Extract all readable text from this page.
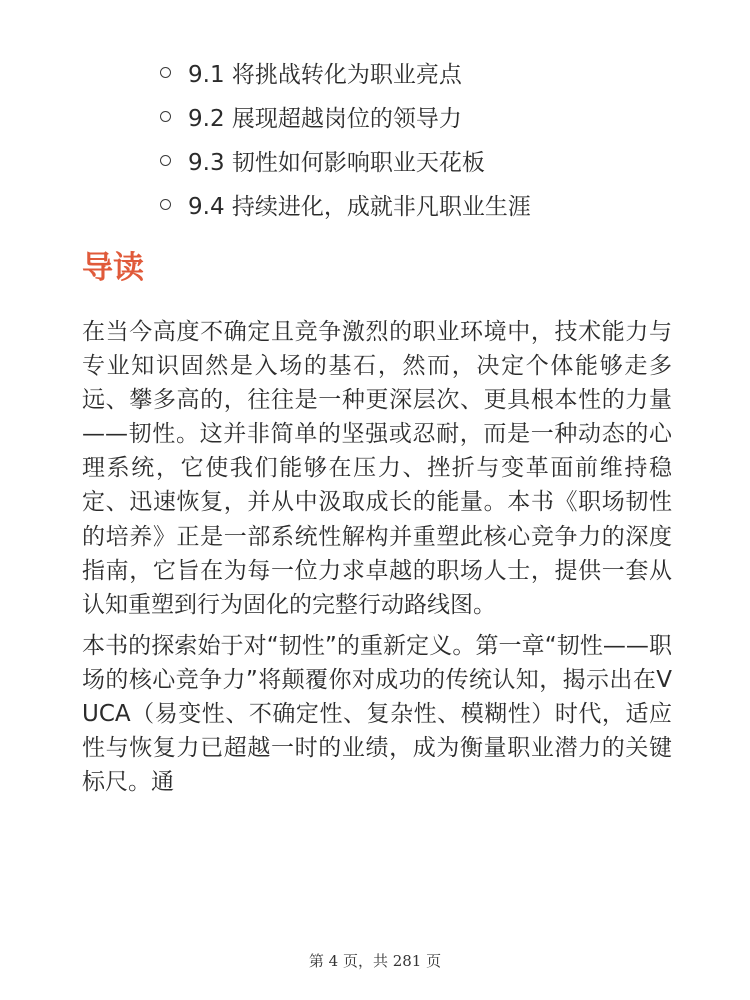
9.1 将挑战转化为职业亮点
9.2 展现超越岗位的领导力
9.3 韧性如何影响职业天花板
9.4 持续进化，成就非凡职业生涯
导读

在当今高度不确定且竞争激烈的职业环境中，技术能力与专业知识固然是入场的基石，然而，决定个体能够走多远、攀多高的，往往是一种更深层次、更具根本性的力量——韧性。这并非简单的坚强或忍耐，而是一种动态的心理系统，它使我们能够在压力、挫折与变革面前维持稳定、迅速恢复，并从中汲取成长的能量。本书《职场韧性的培养》正是一部系统性解构并重塑此核心竞争力的深度指南，它旨在为每一位力求卓越的职场人士，提供一套从认知重塑到行为固化的完整行动路线图。

本书的探索始于对“韧性”的重新定义。第一章“韧性——职场的核心竞争力”将颠覆你对成功的传统认知，揭示出在VUCA（易变性、不确定性、复杂性、模糊性）时代，适应性与恢复力已超越一时的业绩，成为衡量职业潜力的关键标尺。通

第 4 页，共 281 页
